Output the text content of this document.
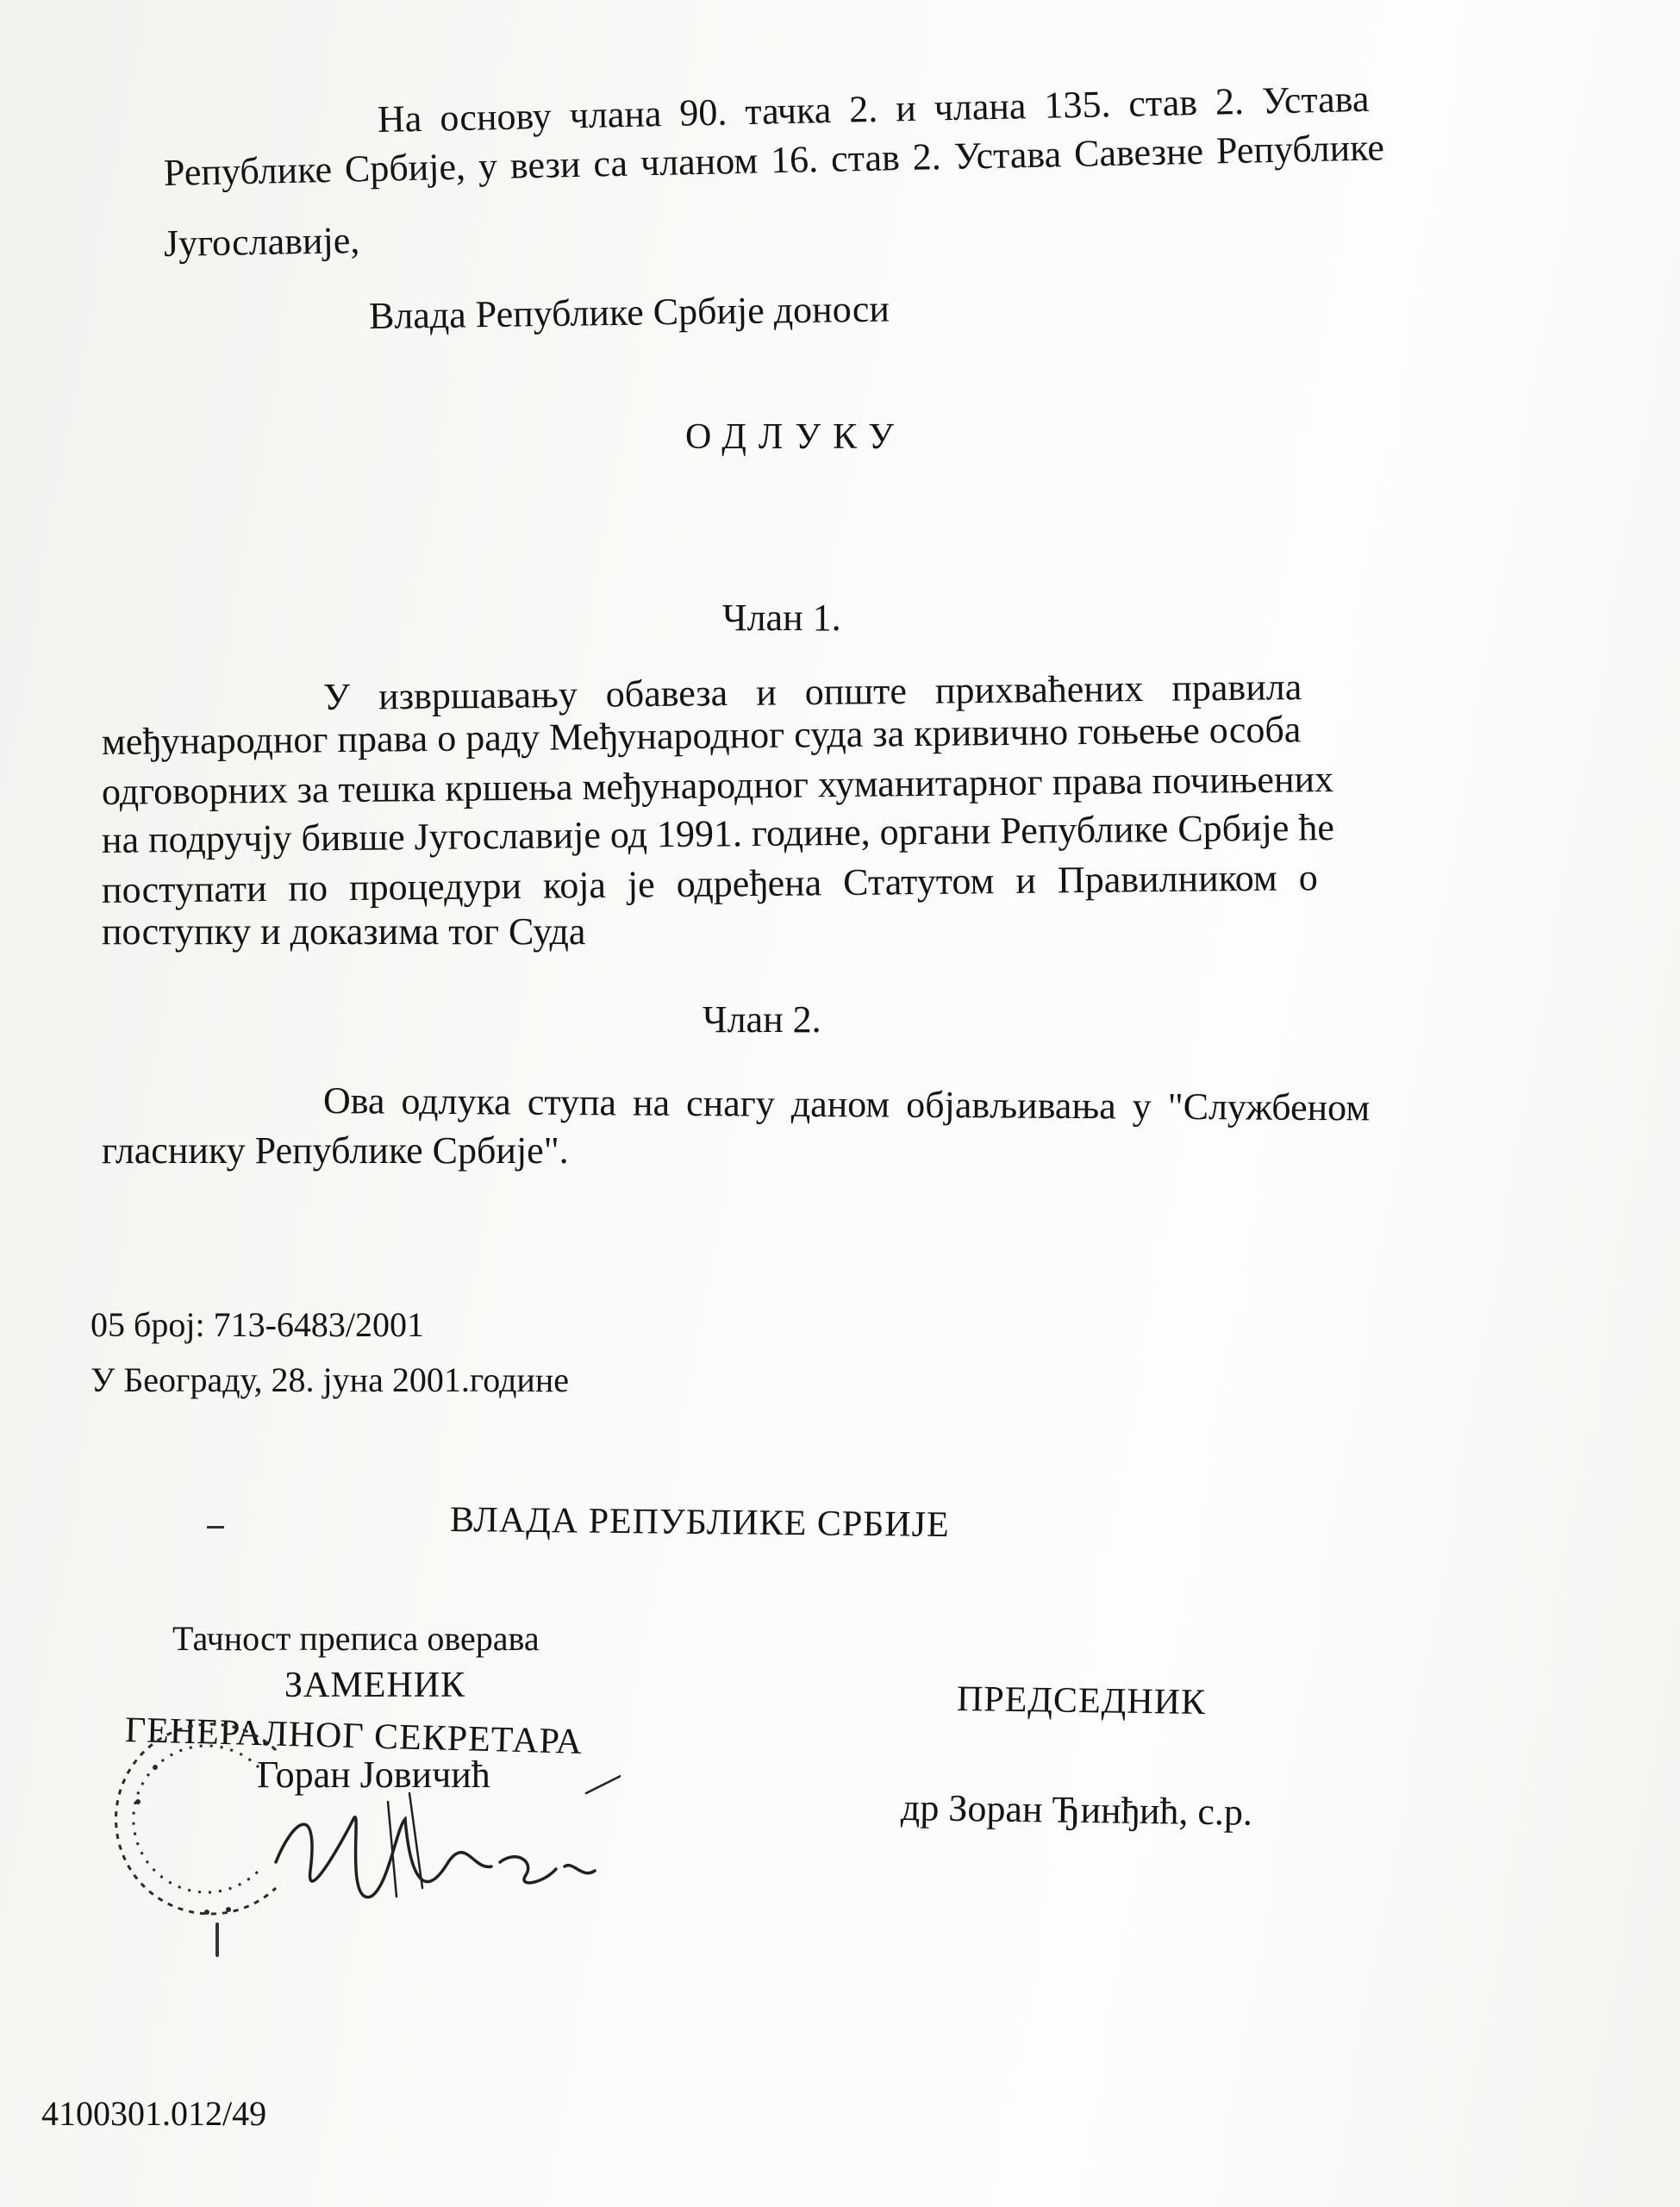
На основу члана 90. тачка 2. и члана 135. став 2. Устава
Републике Србије, у вези са чланом 16. став 2. Устава Савезне Републике
Југославије,
Влада Републике Србије доноси
ОДЛУКУ
Члан 1.
У извршавању обавеза и опште прихваћених правила
међународног права о раду Међународног суда за кривично гоњење особа
одговорних за тешка кршења међународног хуманитарног права почињених
на подручју бивше Југославије од 1991. године, органи Републике Србије ће
поступати по процедури која је одређена Статутом и Правилником о
поступку и доказима тог Суда
Члан 2.
Ова одлука ступа на снагу даном објављивања у "Службеном
гласнику Републике Србије".
05 број: 713-6483/2001
У Београду, 28. јуна 2001.године
ВЛАДА РЕПУБЛИКЕ СРБИЈЕ
Тачност преписа оверава
ЗАМЕНИК
ГЕНЕРАЛНОГ СЕКРЕТАРА
Горан Јовичић
ПРЕДСЕДНИК
др Зоран Ђинђић, с.р.
4100301.012/49
